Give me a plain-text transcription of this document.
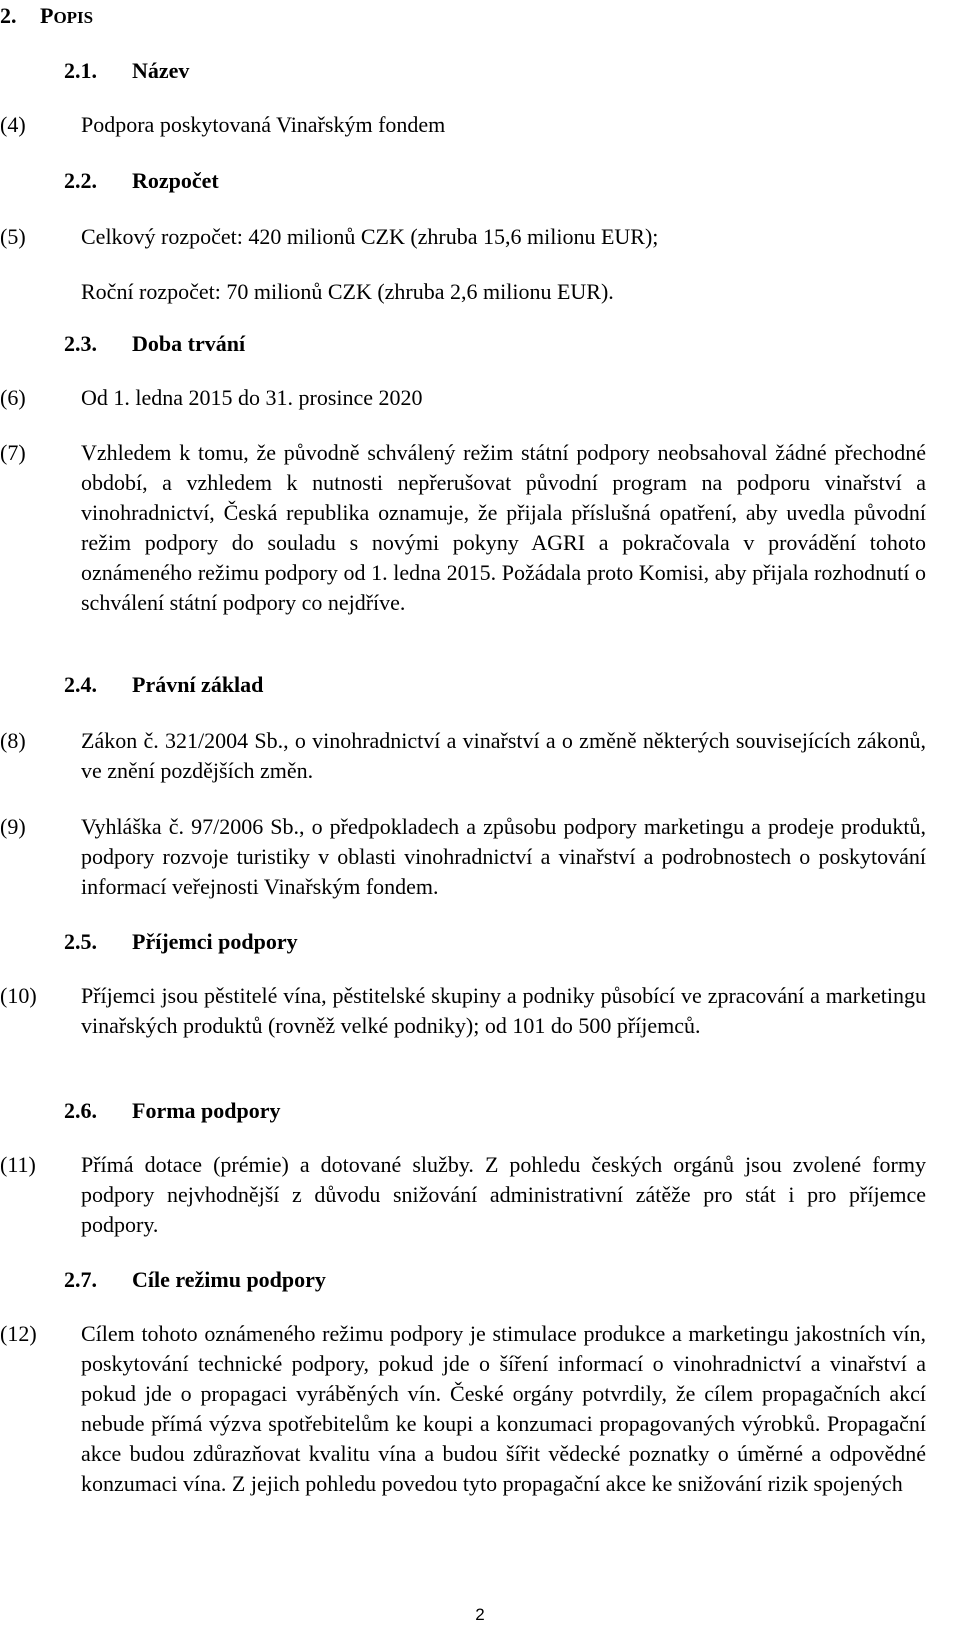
2. POPIS
2.1. Název
(4)	Podpora poskytovaná Vinařským fondem
2.2. Rozpočet
(5)	Celkový rozpočet: 420 milionů CZK (zhruba 15,6 milionu EUR);
Roční rozpočet: 70 milionů CZK (zhruba 2,6 milionu EUR).
2.3. Doba trvání
(6)	Od 1. ledna 2015 do 31. prosince 2020
(7)	Vzhledem k tomu, že původně schválený režim státní podpory neobsahoval žádné přechodné období, a vzhledem k nutnosti nepřerušovat původní program na podporu vinařství a vinohradnictví, Česká republika oznamuje, že přijala příslušná opatření, aby uvedla původní režim podpory do souladu s novými pokyny AGRI a pokračovala v provádění tohoto oznámeného režimu podpory od 1. ledna 2015. Požádala proto Komisi, aby přijala rozhodnutí o schválení státní podpory co nejdříve.
2.4. Právní základ
(8)	Zákon č. 321/2004 Sb., o vinohradnictví a vinařství a o změně některých souvisejících zákonů, ve znění pozdějších změn.
(9)	Vyhláška č. 97/2006 Sb., o předpokladech a způsobu podpory marketingu a prodeje produktů, podpory rozvoje turistiky v oblasti vinohradnictví a vinařství a podrobnostech o poskytování informací veřejnosti Vinařským fondem.
2.5. Příjemci podpory
(10) Příjemci jsou pěstitelé vína, pěstitelské skupiny a podniky působící ve zpracování a marketingu vinařských produktů (rovněž velké podniky); od 101 do 500 příjemců.
2.6. Forma podpory
(11) Přímá dotace (prémie) a dotované služby. Z pohledu českých orgánů jsou zvolené formy podpory nejvhodnější z důvodu snižování administrativní zátěže pro stát i pro příjemce podpory.
2.7. Cíle režimu podpory
(12) Cílem tohoto oznámeného režimu podpory je stimulace produkce a marketingu jakostních vín, poskytování technické podpory, pokud jde o šíření informací o vinohradnictví a vinařství a pokud jde o propagaci vyráběných vín. České orgány potvrdily, že cílem propagačních akcí nebude přímá výzva spotřebitelům ke koupi a konzumaci propagovaných výrobků. Propagační akce budou zdůrazňovat kvalitu vína a budou šířit vědecké poznatky o úměrné a odpovědné konzumaci vína. Z jejich pohledu povedou tyto propagační akce ke snižování rizik spojených
2
